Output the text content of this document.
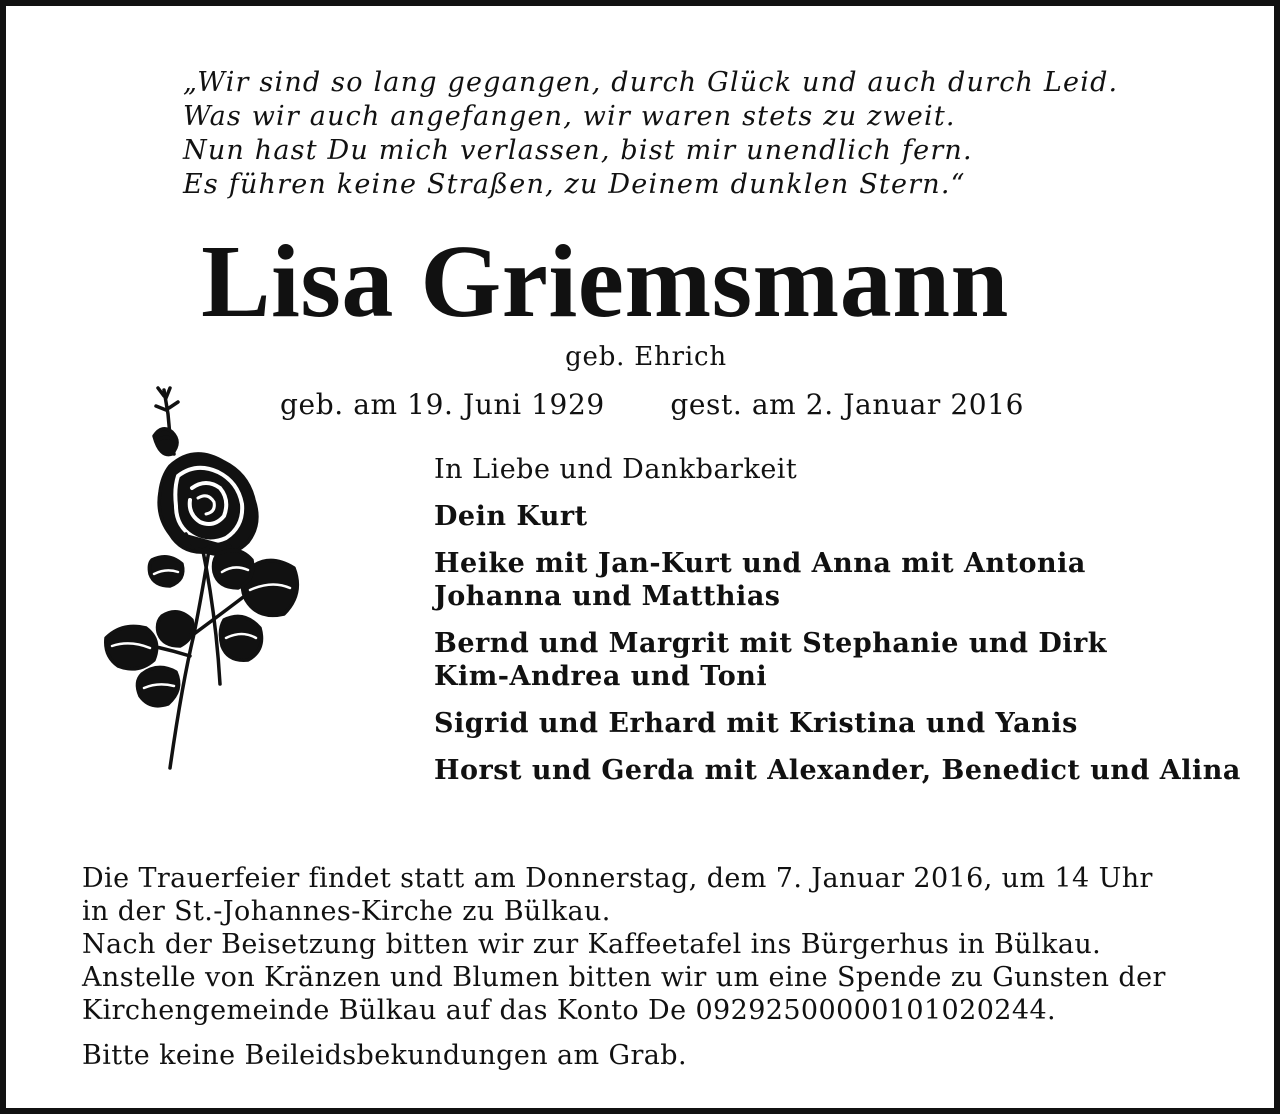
„Wir sind so lang gegangen, durch Glück und auch durch Leid.
Was wir auch angefangen, wir waren stets zu zweit.
Nun hast Du mich verlassen, bist mir unendlich fern.
Es führen keine Straßen, zu Deinem dunklen Stern.“
Lisa Griemsmann
geb. Ehrich
geb. am 19. Juni 1929 gest. am 2. Januar 2016
In Liebe und Dankbarkeit
Dein Kurt
Heike mit Jan-Kurt und Anna mit Antonia
Johanna und Matthias
Bernd und Margrit mit Stephanie und Dirk
Kim-Andrea und Toni
Sigrid und Erhard mit Kristina und Yanis
Horst und Gerda mit Alexander, Benedict und Alina
Die Trauerfeier findet statt am Donnerstag, dem 7. Januar 2016, um 14 Uhr
in der St.-Johannes-Kirche zu Bülkau.
Nach der Beisetzung bitten wir zur Kaffeetafel ins Bürgerhus in Bülkau.
Anstelle von Kränzen und Blumen bitten wir um eine Spende zu Gunsten der
Kirchengemeinde Bülkau auf das Konto De 09292500000101020244.
Bitte keine Beileidsbekundungen am Grab.
